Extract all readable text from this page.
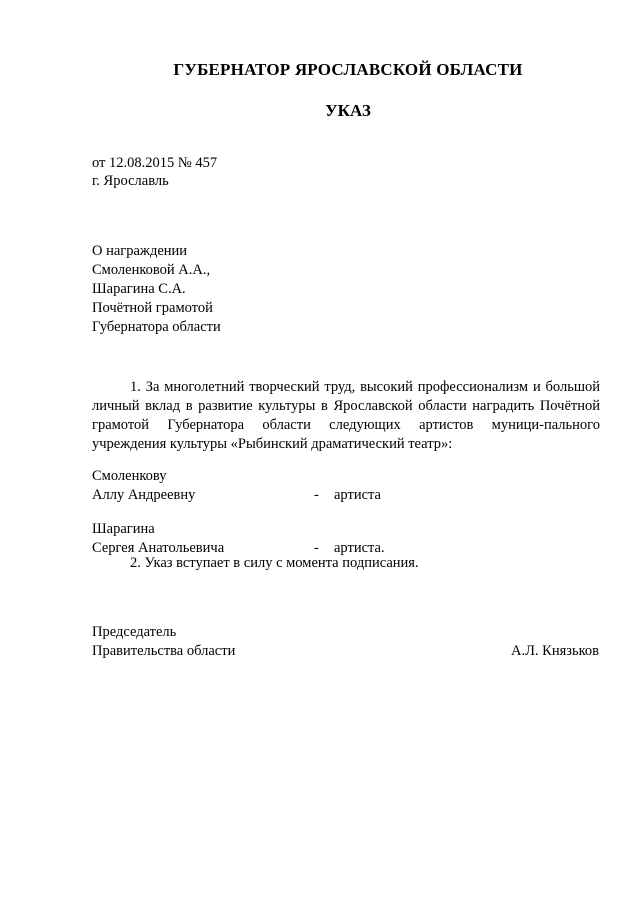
ГУБЕРНАТОР ЯРОСЛАВСКОЙ ОБЛАСТИ
УКАЗ
от 12.08.2015 № 457
г. Ярославль
О награждении
Смоленковой А.А.,
Шарагина С.А.
Почётной грамотой
Губернатора области
1. За многолетний творческий труд, высокий профессионализм и большой личный вклад в развитие культуры в Ярославской области наградить Почётной грамотой Губернатора области следующих артистов муници-пального учреждения культуры «Рыбинский драматический театр»:
Смоленкову
Аллу Андреевну	-	артиста
Шарагина
Сергея Анатольевича	-	артиста.
2. Указ вступает в силу с момента подписания.
Председатель
Правительства области	А.Л. Князьков
